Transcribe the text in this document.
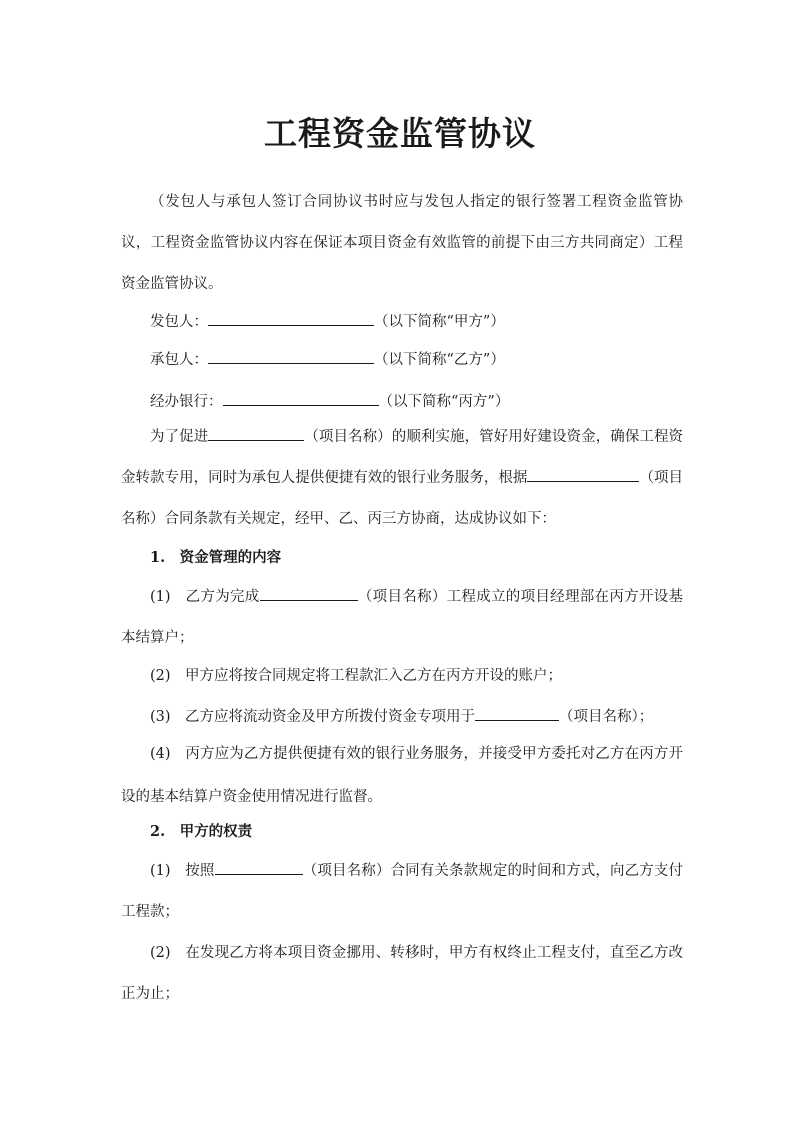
工程资金监管协议
（发包人与承包人签订合同协议书时应与发包人指定的银行签署工程资金监管协议，工程资金监管协议内容在保证本项目资金有效监管的前提下由三方共同商定）工程资金监管协议。
发包人：	（以下简称“甲方”）
承包人：	（以下简称“乙方”）
经办银行：	（以下简称“丙方”）
为了促进	（项目名称）的顺利实施，管好用好建设资金，确保工程资金转款专用，同时为承包人提供便捷有效的银行业务服务，根据	（项目名称）合同条款有关规定，经甲、乙、丙三方协商，达成协议如下：
1.　资金管理的内容
(1)　乙方为完成	（项目名称）工程成立的项目经理部在丙方开设基本结算户；
(2)　甲方应将按合同规定将工程款汇入乙方在丙方开设的账户；
(3)　乙方应将流动资金及甲方所拨付资金专项用于	（项目名称）；
(4)　丙方应为乙方提供便捷有效的银行业务服务，并接受甲方委托对乙方在丙方开设的基本结算户资金使用情况进行监督。
2.　甲方的权责
(1)　按照	（项目名称）合同有关条款规定的时间和方式，向乙方支付工程款；
(2)　在发现乙方将本项目资金挪用、转移时，甲方有权终止工程支付，直至乙方改正为止；
